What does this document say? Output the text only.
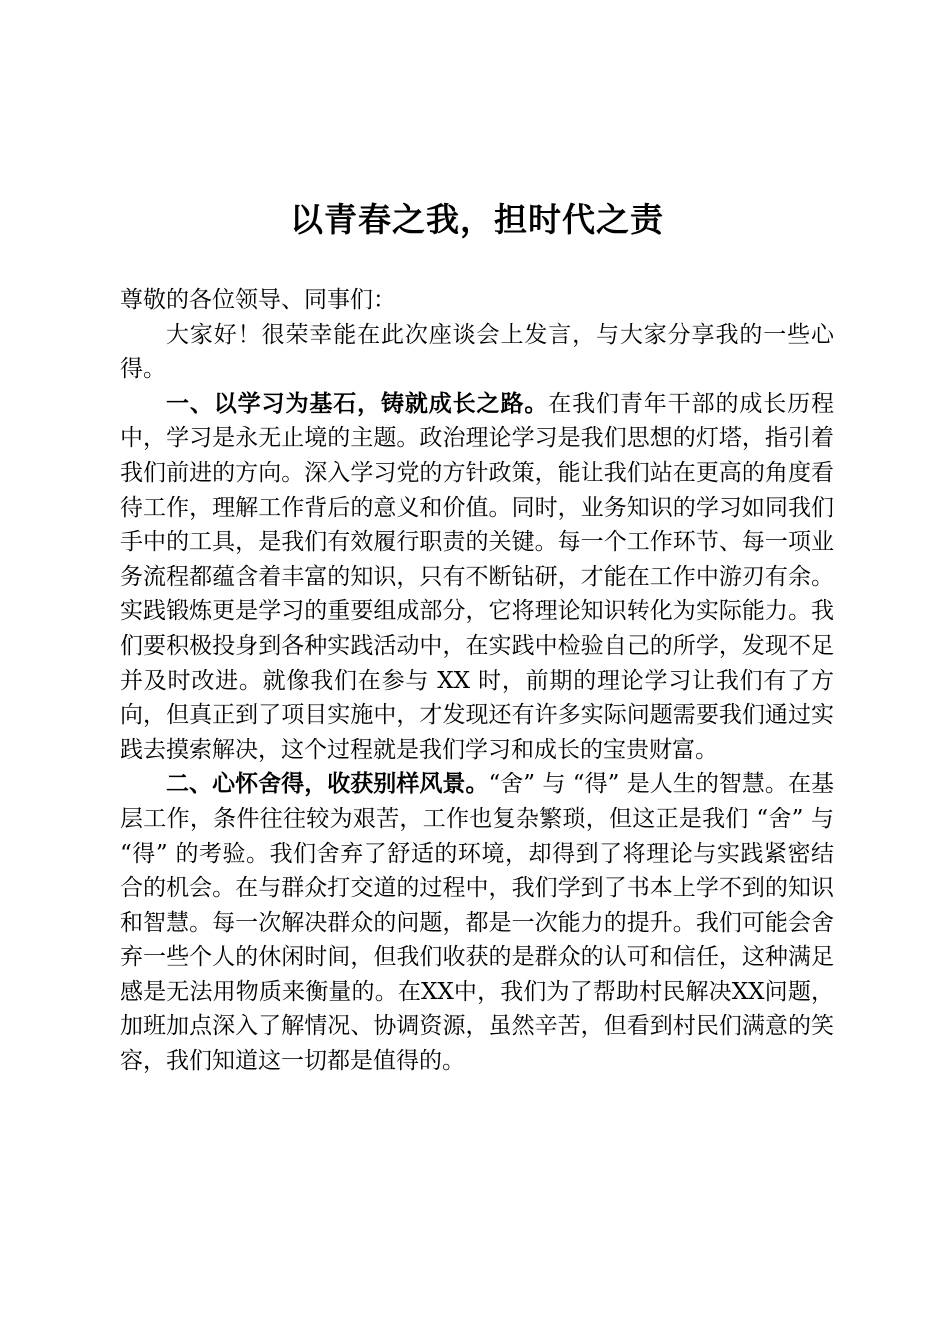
以青春之我，担时代之责

尊敬的各位领导、同事们：

大家好！很荣幸能在此次座谈会上发言，与大家分享我的一些心得。

一、以学习为基石，铸就成长之路。在我们青年干部的成长历程中，学习是永无止境的主题。政治理论学习是我们思想的灯塔，指引着我们前进的方向。深入学习党的方针政策，能让我们站在更高的角度看待工作，理解工作背后的意义和价值。同时，业务知识的学习如同我们手中的工具，是我们有效履行职责的关键。每一个工作环节、每一项业务流程都蕴含着丰富的知识，只有不断钻研，才能在工作中游刃有余。实践锻炼更是学习的重要组成部分，它将理论知识转化为实际能力。我们要积极投身到各种实践活动中，在实践中检验自己的所学，发现不足并及时改进。就像我们在参与 XX 时，前期的理论学习让我们有了方向，但真正到了项目实施中，才发现还有许多实际问题需要我们通过实践去摸索解决，这个过程就是我们学习和成长的宝贵财富。

二、心怀舍得，收获别样风景。“舍” 与 “得” 是人生的智慧。在基层工作，条件往往较为艰苦，工作也复杂繁琐，但这正是我们 “舍” 与 “得” 的考验。我们舍弃了舒适的环境，却得到了将理论与实践紧密结合的机会。在与群众打交道的过程中，我们学到了书本上学不到的知识和智慧。每一次解决群众的问题，都是一次能力的提升。我们可能会舍弃一些个人的休闲时间，但我们收获的是群众的认可和信任，这种满足感是无法用物质来衡量的。在XX中，我们为了帮助村民解决XX问题，加班加点深入了解情况、协调资源，虽然辛苦，但看到村民们满意的笑容，我们知道这一切都是值得的。
